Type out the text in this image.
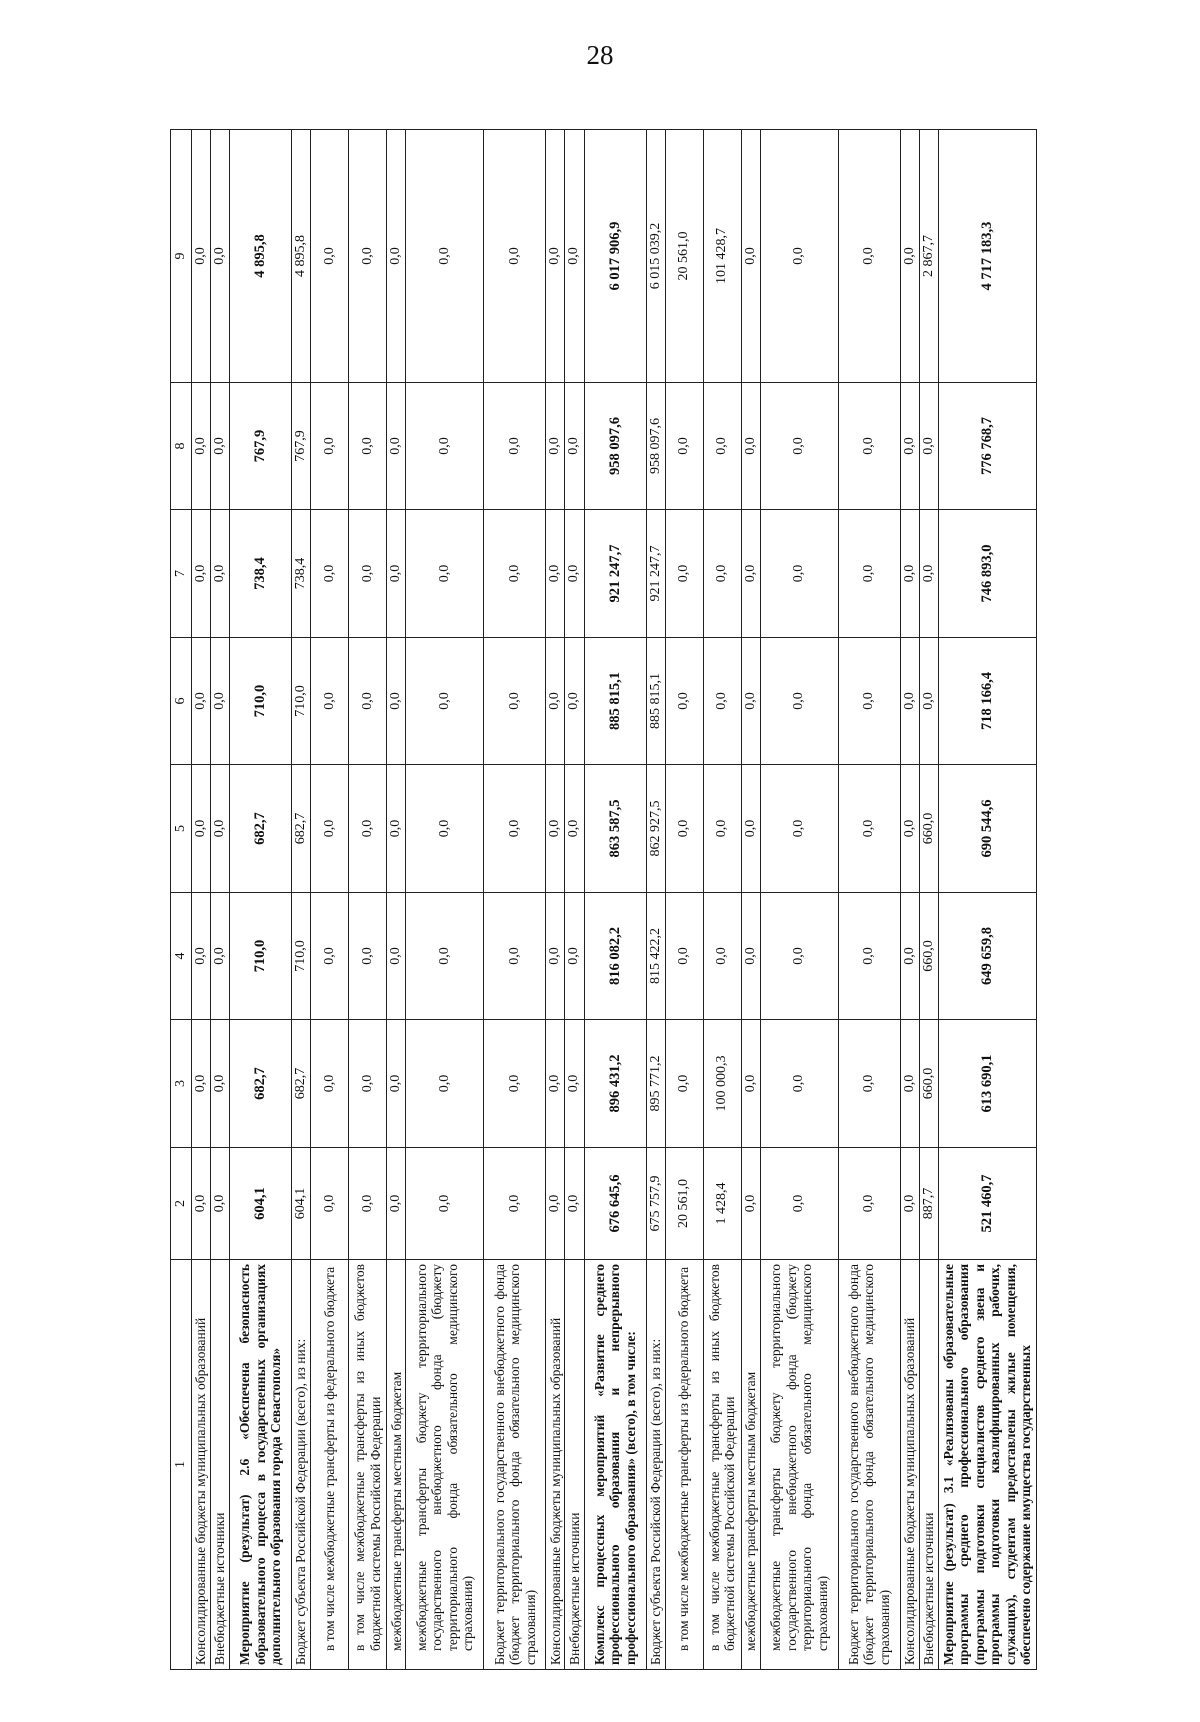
28
1	2	3	4	5	6	7	8	9
Консолидированные бюджеты муниципальных образований	0,0	0,0	0,0	0,0	0,0	0,0	0,0	0,0
Внебюджетные источники	0,0	0,0	0,0	0,0	0,0	0,0	0,0	0,0
Мероприятие (результат) 2.6 «Обеспечена безопасность образовательного процесса в государственных организациях дополнительного образования города Севастополя»	604,1	682,7	710,0	682,7	710,0	738,4	767,9	4 895,8
Бюджет субъекта Российской Федерации (всего), из них:	604,1	682,7	710,0	682,7	710,0	738,4	767,9	4 895,8
в том числе межбюджетные трансферты из федерального бюджета	0,0	0,0	0,0	0,0	0,0	0,0	0,0	0,0
в том числе межбюджетные трансферты из иных бюджетов бюджетной системы Российской Федерации	0,0	0,0	0,0	0,0	0,0	0,0	0,0	0,0
межбюджетные трансферты местным бюджетам	0,0	0,0	0,0	0,0	0,0	0,0	0,0	0,0
межбюджетные трансферты бюджету территориального государственного внебюджетного фонда (бюджету территориального фонда обязательного медицинского страхования)	0,0	0,0	0,0	0,0	0,0	0,0	0,0	0,0
Бюджет территориального государственного внебюджетного фонда (бюджет территориального фонда обязательного медицинского страхования)	0,0	0,0	0,0	0,0	0,0	0,0	0,0	0,0
Консолидированные бюджеты муниципальных образований	0,0	0,0	0,0	0,0	0,0	0,0	0,0	0,0
Внебюджетные источники	0,0	0,0	0,0	0,0	0,0	0,0	0,0	0,0
Комплекс процессных мероприятий «Развитие среднего профессионального образования и непрерывного профессионального образования» (всего), в том числе:	676 645,6	896 431,2	816 082,2	863 587,5	885 815,1	921 247,7	958 097,6	6 017 906,9
Бюджет субъекта Российской Федерации (всего), из них:	675 757,9	895 771,2	815 422,2	862 927,5	885 815,1	921 247,7	958 097,6	6 015 039,2
в том числе межбюджетные трансферты из федерального бюджета	20 561,0	0,0	0,0	0,0	0,0	0,0	0,0	20 561,0
в том числе межбюджетные трансферты из иных бюджетов бюджетной системы Российской Федерации	1 428,4	100 000,3	0,0	0,0	0,0	0,0	0,0	101 428,7
межбюджетные трансферты местным бюджетам	0,0	0,0	0,0	0,0	0,0	0,0	0,0	0,0
межбюджетные трансферты бюджету территориального государственного внебюджетного фонда (бюджету территориального фонда обязательного медицинского страхования)	0,0	0,0	0,0	0,0	0,0	0,0	0,0	0,0
Бюджет территориального государственного внебюджетного фонда (бюджет территориального фонда обязательного медицинского страхования)	0,0	0,0	0,0	0,0	0,0	0,0	0,0	0,0
Консолидированные бюджеты муниципальных образований	0,0	0,0	0,0	0,0	0,0	0,0	0,0	0,0
Внебюджетные источники	887,7	660,0	660,0	660,0	0,0	0,0	0,0	2 867,7
Мероприятие (результат) 3.1 «Реализованы образовательные программы среднего профессионального образования (программы подготовки специалистов среднего звена и программы подготовки квалифицированных рабочих, служащих), студентам предоставлены жилые помещения, обеспечено содержание имущества государственных	521 460,7	613 690,1	649 659,8	690 544,6	718 166,4	746 893,0	776 768,7	4 717 183,3
